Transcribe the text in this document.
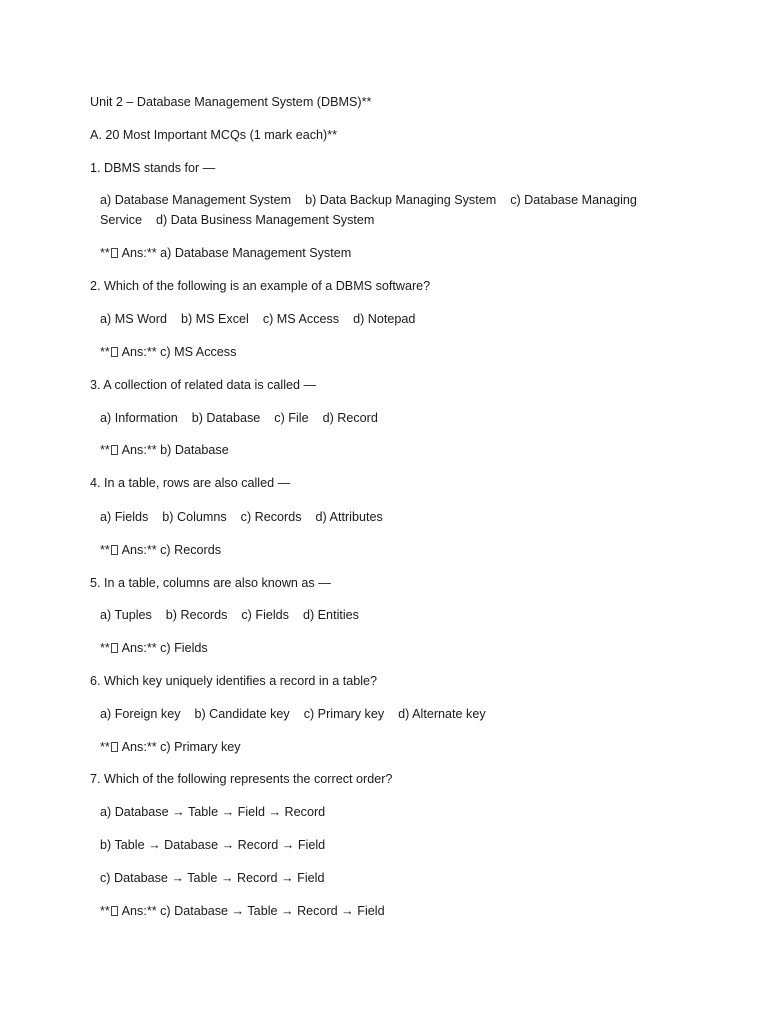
Unit 2 – Database Management System (DBMS)**
A. 20 Most Important MCQs (1 mark each)**
1. DBMS stands for —
a) Database Management System    b) Data Backup Managing System    c) Database Managing Service    d) Data Business Management System
** Ans:** a) Database Management System
2. Which of the following is an example of a DBMS software?
a) MS Word    b) MS Excel    c) MS Access    d) Notepad
** Ans:** c) MS Access
3. A collection of related data is called —
a) Information    b) Database    c) File    d) Record
** Ans:** b) Database
4. In a table, rows are also called —
a) Fields    b) Columns    c) Records    d) Attributes
** Ans:** c) Records
5. In a table, columns are also known as —
a) Tuples    b) Records    c) Fields    d) Entities
** Ans:** c) Fields
6. Which key uniquely identifies a record in a table?
a) Foreign key    b) Candidate key    c) Primary key    d) Alternate key
** Ans:** c) Primary key
7. Which of the following represents the correct order?
a) Database → Table → Field → Record
b) Table → Database → Record → Field
c) Database → Table → Record → Field
** Ans:** c) Database → Table → Record → Field
